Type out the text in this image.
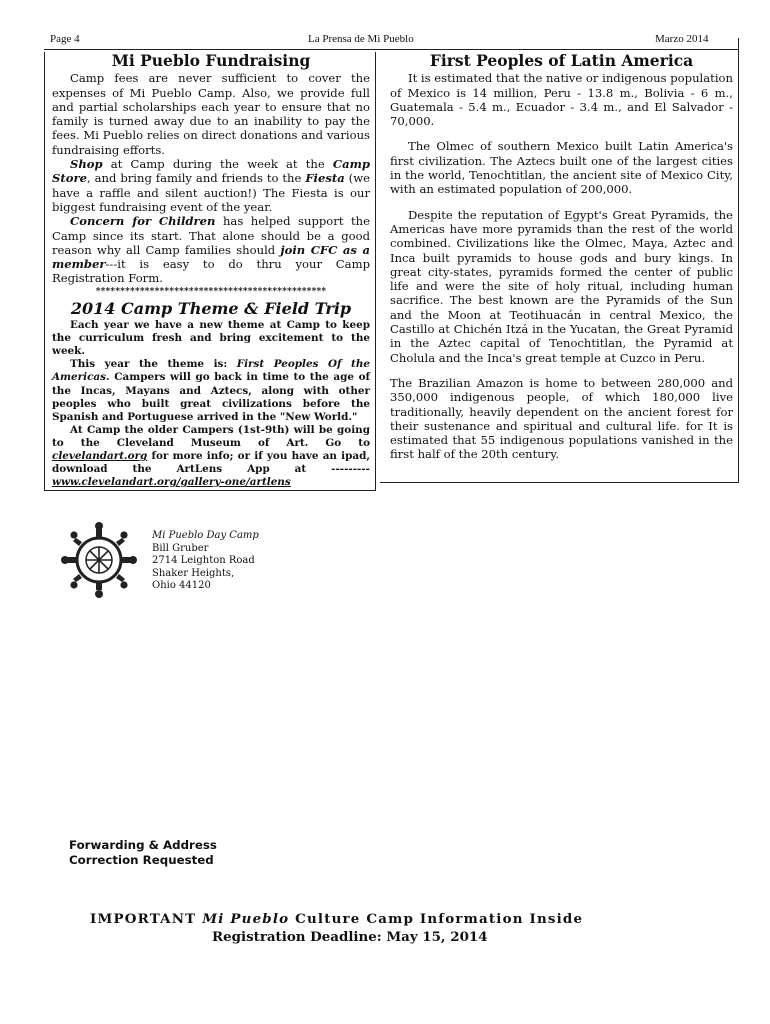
Page 4	La Prensa de Mi Pueblo	Marzo 2014
Mi Pueblo Fundraising

Camp fees are never sufficient to cover the expenses of Mi Pueblo Camp. Also, we provide full and partial scholarships each year to ensure that no family is turned away due to an inability to pay the fees. Mi Pueblo relies on direct donations and various fundraising efforts.

Shop at Camp during the week at the Camp Store, and bring family and friends to the Fiesta (we have a raffle and silent auction!) The Fiesta is our biggest fundraising event of the year.

Concern for Children has helped support the Camp since its start. That alone should be a good reason why all Camp families should join CFC as a member---it is easy to do thru your Camp Registration Form.

***********************************************

2014 Camp Theme & Field Trip

Each year we have a new theme at Camp to keep the curriculum fresh and bring excitement to the week.

This year the theme is: First Peoples Of the Americas. Campers will go back in time to the age of the Incas, Mayans and Aztecs, along with other peoples who built great civilizations before the Spanish and Portuguese arrived in the "New World."

At Camp the older Campers (1st-9th) will be going to the Cleveland Museum of Art. Go to clevelandart.org for more info; or if you have an ipad, download the ArtLens App at --------- www.clevelandart.org/gallery-one/artlens

First Peoples of Latin America

It is estimated that the native or indigenous population of Mexico is 14 million, Peru - 13.8 m., Bolivia - 6 m., Guatemala - 5.4 m., Ecuador - 3.4 m., and El Salvador - 70,000.

The Olmec of southern Mexico built Latin America's first civilization. The Aztecs built one of the largest cities in the world, Tenochtitlan, the ancient site of Mexico City, with an estimated population of 200,000.

Despite the reputation of Egypt's Great Pyramids, the Americas have more pyramids than the rest of the world combined. Civilizations like the Olmec, Maya, Aztec and Inca built pyramids to house gods and bury kings. In great city-states, pyramids formed the center of public life and were the site of holy ritual, including human sacrifice. The best known are the Pyramids of the Sun and the Moon at Teotihuacán in central Mexico, the Castillo at Chichén Itzá in the Yucatan, the Great Pyramid in the Aztec capital of Tenochtitlan, the Pyramid at Cholula and the Inca's great temple at Cuzco in Peru.

The Brazilian Amazon is home to between 280,000 and 350,000 indigenous people, of which 180,000 live traditionally, heavily dependent on the ancient forest for their sustenance and spiritual and cultural life. for It is estimated that 55 indigenous populations vanished in the first half of the 20th century.

Mi Pueblo Day Camp
Bill Gruber
2714 Leighton Road
Shaker Heights,
Ohio 44120
Forwarding & Address
Correction Requested
IMPORTANT Mi Pueblo Culture Camp Information Inside
Registration Deadline: May 15, 2014
